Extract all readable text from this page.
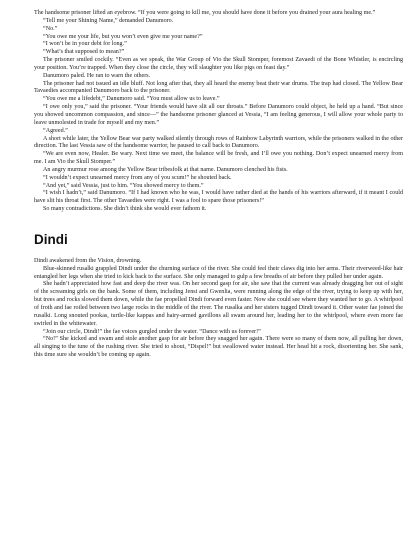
The handsome prisoner lifted an eyebrow. “If you were going to kill me, you should have done it before you drained your aura healing me.”

“Tell me your Shining Name,” demanded Danumoro.

“No.”

“You owe me your life, but you won’t even give me your name?”

“I won’t be in your debt for long.”

“What’s that supposed to mean?”

The prisoner smiled cockily. “Even as we speak, the War Group of Vio the Skull Stomper, foremost Zavaedi of the Bone Whistler, is encircling your position. You’re trapped. When they close the circle, they will slaughter you like pigs on feast day.”

Danumoro paled. He ran to warn the others.

The prisoner had not issued an idle bluff. Not long after that, they all heard the enemy beat their war drums. The trap had closed. The Yellow Bear Tavaedies accompanied Danumoro back to the prisoner.

“You owe me a lifedebt,” Danumoro said. “You must allow us to leave.”

“I owe only you,” said the prisoner. “Your friends would have slit all our throats.” Before Danumoro could object, he held up a hand. “But since you showed uncommon compassion, and since—” the handsome prisoner glanced at Vessia, “I am feeling generous, I will allow your whole party to leave unmolested in trade for myself and my men.”

“Agreed.”

A short while later, the Yellow Bear war party walked silently through rows of Rainbow Labyrinth warriors, while the prisoners walked in the other direction. The last Vessia saw of the handsome warrior, he paused to call back to Danumoro.

“We are even now, Healer. Be wary. Next time we meet, the balance will be fresh, and I’ll owe you nothing. Don’t expect unearned mercy from me. I am Vio the Skull Stomper.”

An angry murmur rose among the Yellow Bear tribesfolk at that name. Danumoro clenched his fists.

“I wouldn’t expect unearned mercy from any of you scum!” he shouted back.

“And yet,” said Vessia, just to him. “You showed mercy to them.”

“I wish I hadn’t,” said Danumoro. “If I had known who he was, I would have rather died at the hands of his warriors afterward, if it meant I could have slit his throat first. The other Tavaedies were right. I was a fool to spare those prisoners!”

So many contradictions. She didn’t think she would ever fathom it.

Dindi

Dindi awakened from the Vision, drowning.

Blue-skinned rusalki grappled Dindi under the churning surface of the river. She could feel their claws dig into her arms. Their riverweed-like hair entangled her legs when she tried to kick back to the surface. She only managed to gulp a few breaths of air before they pulled her under again.

She hadn’t appreciated how fast and deep the river was. On her second gasp for air, she saw that the current was already dragging her out of sight of the screaming girls on the bank. Some of them, including Jensi and Gwenlia, were running along the edge of the river, trying to keep up with her, but trees and rocks slowed them down, while the fae propelled Dindi forward even faster. Now she could see where they wanted her to go. A whirlpool of froth and fae roiled between two large rocks in the middle of the river. The rusalka and her sisters tugged Dindi toward it. Other water fae joined the rusalki. Long snouted pookas, turtle-like kappas and hairy-armed gavillons all swam around her, leading her to the whirlpool, where even more fae swirled in the whitewater.

“Join our circle, Dindi!” the fae voices gurgled under the water. “Dance with us forever!”

“No!” She kicked and swam and stole another gasp for air before they snagged her again. There were so many of them now, all pulling her down, all singing to the tune of the rushing river. She tried to shout, “Dispel!” but swallowed water instead. Her head hit a rock, disorienting her. She sank, this time sure she wouldn’t be coming up again.
